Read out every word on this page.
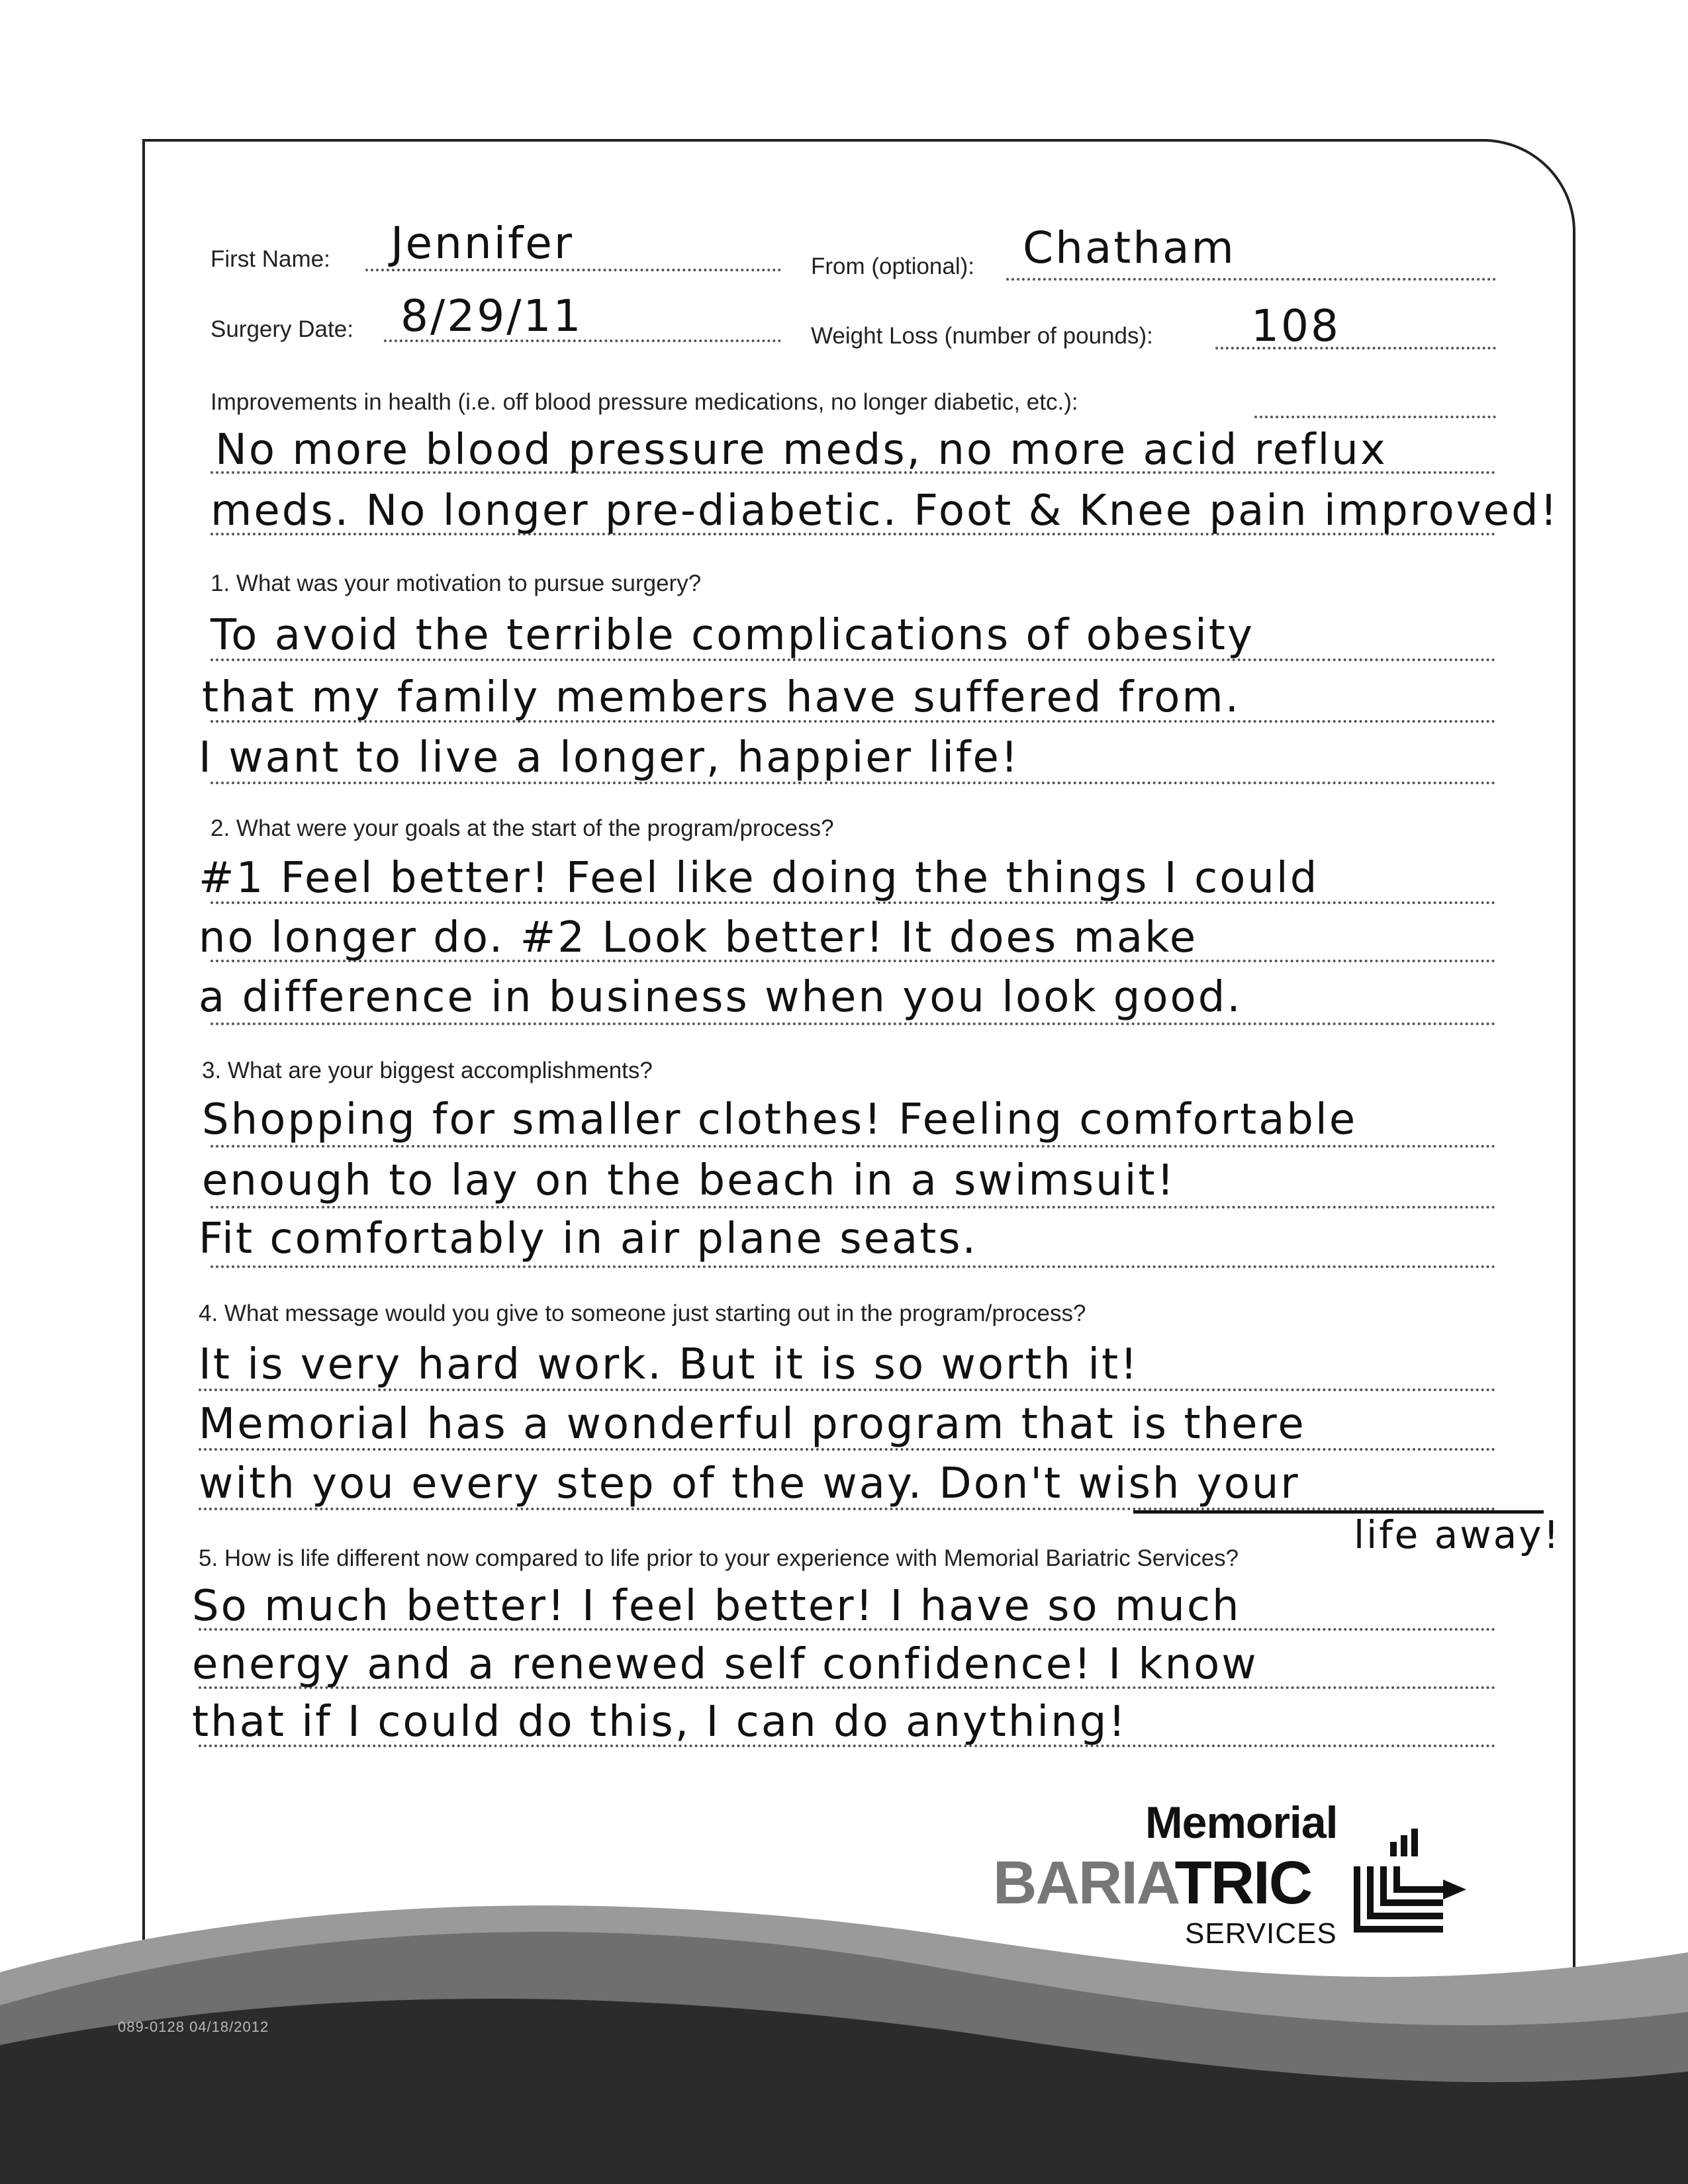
First Name: Jennifer	From (optional): Chatham
Surgery Date: 8/29/11	Weight Loss (number of pounds): 108
Improvements in health (i.e. off blood pressure medications, no longer diabetic, etc.):
No more blood pressure meds, no more acid reflux
meds. No longer pre-diabetic. Foot & Knee pain improved!
1. What was your motivation to pursue surgery?
To avoid the terrible complications of obesity
that my family members have suffered from.
I want to live a longer, happier life!
2. What were your goals at the start of the program/process?
#1 Feel better! Feel like doing the things I could
no longer do. #2 Look better! It does make
a difference in business when you look good.
3. What are your biggest accomplishments?
Shopping for smaller clothes! Feeling comfortable
enough to lay on the beach in a swimsuit!
Fit comfortably in air plane seats.
4. What message would you give to someone just starting out in the program/process?
It is very hard work. But it is so worth it!
Memorial has a wonderful program that is there
with you every step of the way. Don't wish your
life away!
5. How is life different now compared to life prior to your experience with Memorial Bariatric Services?
So much better! I feel better! I have so much
energy and a renewed self confidence! I know
that if I could do this, I can do anything!
089-0128 04/18/2012
Memorial
BARIATRIC
SERVICES
